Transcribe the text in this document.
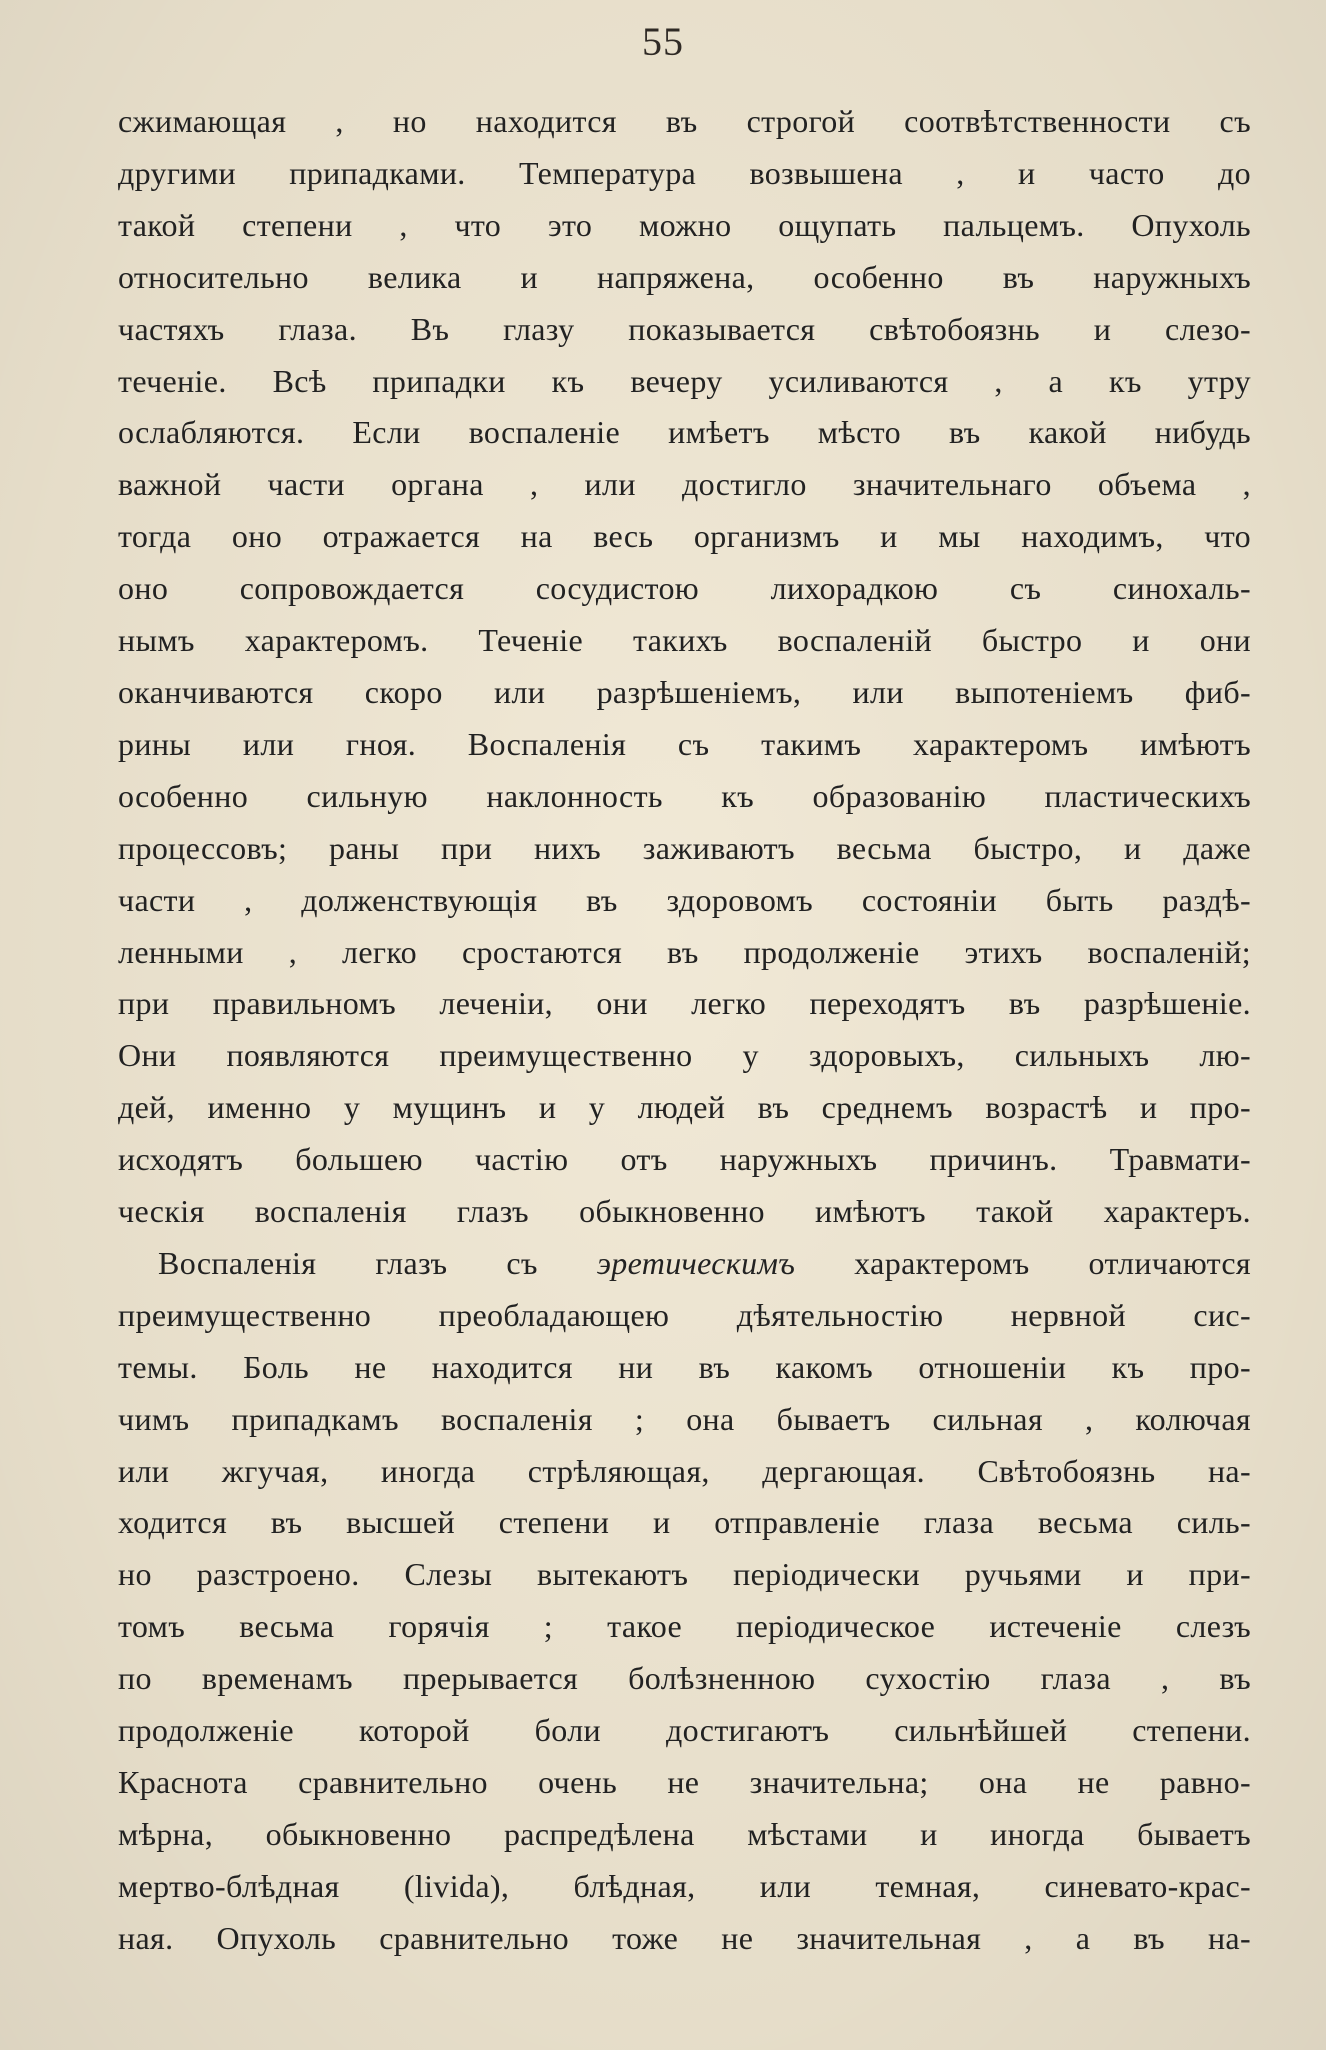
55
сжимающая , но находится въ строгой соотвѣтственности съ
другими припадками. Температура возвышена , и часто до
такой степени , что это можно ощупать пальцемъ. Опухоль
относительно велика и напряжена, особенно въ наружныхъ
частяхъ глаза. Въ глазу показывается свѣтобоязнь и слезо-
теченіе. Всѣ припадки къ вечеру усиливаются , а къ утру
ослабляются. Если воспаленіе имѣетъ мѣсто въ какой нибудь
важной части органа , или достигло значительнаго объема ,
тогда оно отражается на весь организмъ и мы находимъ, что
оно сопровождается сосудистою лихорадкою съ синохаль-
нымъ характеромъ. Теченіе такихъ воспаленій быстро и они
оканчиваются скоро или разрѣшеніемъ, или выпотеніемъ фиб-
рины или гноя. Воспаленія съ такимъ характеромъ имѣютъ
особенно сильную наклонность къ образованію пластическихъ
процессовъ; раны при нихъ заживаютъ весьма быстро, и даже
части , долженствующія въ здоровомъ состояніи быть раздѣ-
ленными , легко сростаются въ продолженіе этихъ воспаленій;
при правильномъ леченіи, они легко переходятъ въ разрѣшеніе.
Они появляются преимущественно у здоровыхъ, сильныхъ лю-
дей, именно у мущинъ и у людей въ среднемъ возрастѣ и про-
исходятъ большею частію отъ наружныхъ причинъ. Травмати-
ческія воспаленія глазъ обыкновенно имѣютъ такой характеръ.
Воспаленія глазъ съ эретическимъ характеромъ отличаются
преимущественно преобладающею дѣятельностію нервной сис-
темы. Боль не находится ни въ какомъ отношеніи къ про-
чимъ припадкамъ воспаленія ; она бываетъ сильная , колючая
или жгучая, иногда стрѣляющая, дергающая. Свѣтобоязнь на-
ходится въ высшей степени и отправленіе глаза весьма силь-
но разстроено. Слезы вытекаютъ періодически ручьями и при-
томъ весьма горячія ; такое періодическое истеченіе слезъ
по временамъ прерывается болѣзненною сухостію глаза , въ
продолженіе которой боли достигаютъ сильнѣйшей степени.
Краснота сравнительно очень не значительна; она не равно-
мѣрна, обыкновенно распредѣлена мѣстами и иногда бываетъ
мертво-блѣдная (livida), блѣдная, или темная, синевато-крас-
ная. Опухоль сравнительно тоже не значительная , а въ на-
